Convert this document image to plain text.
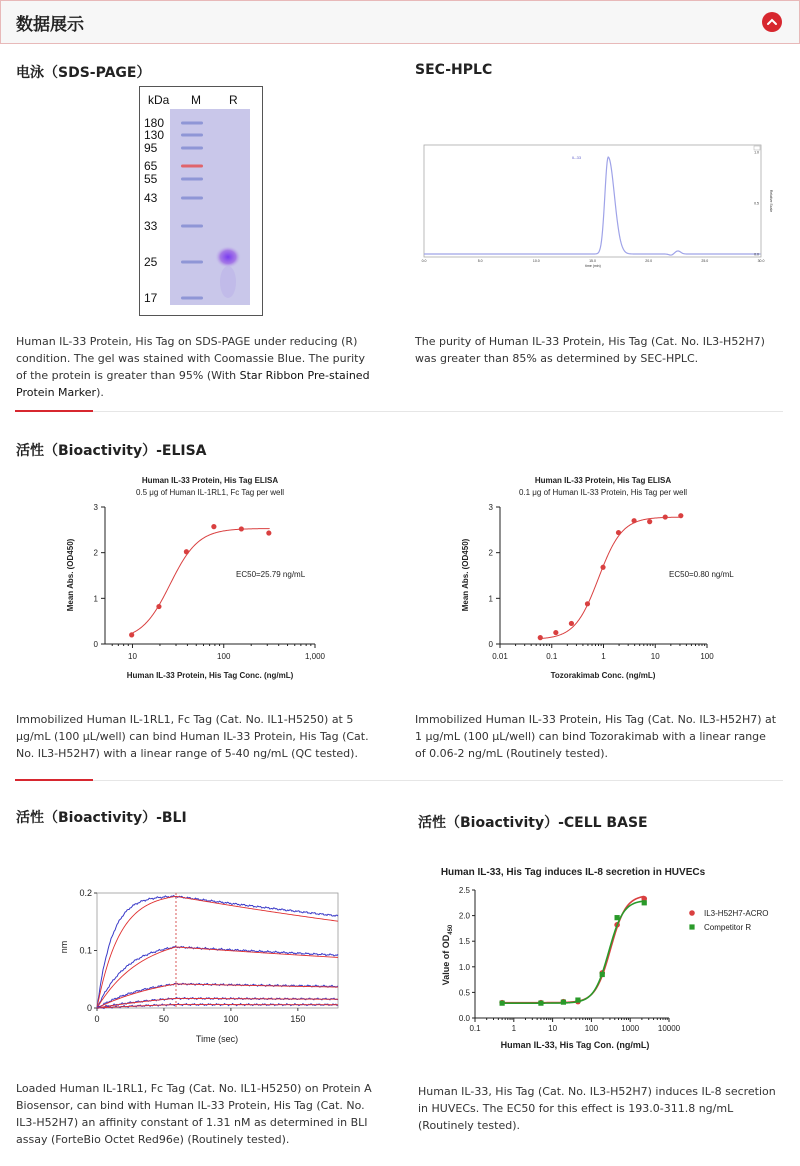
数据展示
电泳（SDS-PAGE）
kDa M R
180
130
95
65
55
43
33
25
17
Human IL-33 Protein, His Tag on SDS-PAGE under reducing (R) condition. The gel was stained with Coomassie Blue. The purity of the protein is greater than 95% (With Star Ribbon Pre-stained Protein Marker).
SEC-HPLC
IL-33
0.0	5.0	10.0	15.0	20.0	25.0	30.0
1.0
0.5
0.0
time (min)
Relative Scale
The purity of Human IL-33 Protein, His Tag (Cat. No. IL3-H52H7) was greater than 85% as determined by SEC-HPLC.
活性（Bioactivity）-ELISA
Human IL-33 Protein, His Tag ELISA
0.5 μg of Human IL-1RL1, Fc Tag per well
EC50=25.79 ng/mL
Human IL-33 Protein, His Tag Conc. (ng/mL)
Mean Abs. (OD450)
0
1
2
3
10	100	1,000
Immobilized Human IL-1RL1, Fc Tag (Cat. No. IL1-H5250) at 5 μg/mL (100 μL/well) can bind Human IL-33 Protein, His Tag (Cat. No. IL3-H52H7) with a linear range of 5-40 ng/mL (QC tested).
Human IL-33 Protein, His Tag ELISA
0.1 μg of Human IL-33 Protein, His Tag per well
EC50=0.80 ng/mL
Tozorakimab Conc. (ng/mL)
Mean Abs. (OD450)
0
1
2
3
0.01	0.1	1	10	100
Immobilized Human IL-33 Protein, His Tag (Cat. No. IL3-H52H7) at 1 μg/mL (100 μL/well) can bind Tozorakimab with a linear range of 0.06-2 ng/mL (Routinely tested).
活性（Bioactivity）-BLI
Time (sec)
nm
0
0.1
0.2
0	50	100	150
Loaded Human IL-1RL1, Fc Tag (Cat. No. IL1-H5250) on Protein A Biosensor, can bind with Human IL-33 Protein, His Tag (Cat. No. IL3-H52H7) an affinity constant of 1.31 nM as determined in BLI assay (ForteBio Octet Red96e) (Routinely tested).
活性（Bioactivity）-CELL BASE
Human IL-33, His Tag induces IL-8 secretion in HUVECs
Human IL-33, His Tag Con. (ng/mL)
Value of $OD_{450}$
IL3-H52H7-ACRO
Competitor R
0.0
0.5
1.0
1.5
2.0
2.5
0.1	1	10	100	1000 10000
Human IL-33, His Tag (Cat. No. IL3-H52H7) induces IL-8 secretion in HUVECs. The EC50 for this effect is 193.0-311.8 ng/mL (Routinely tested).
